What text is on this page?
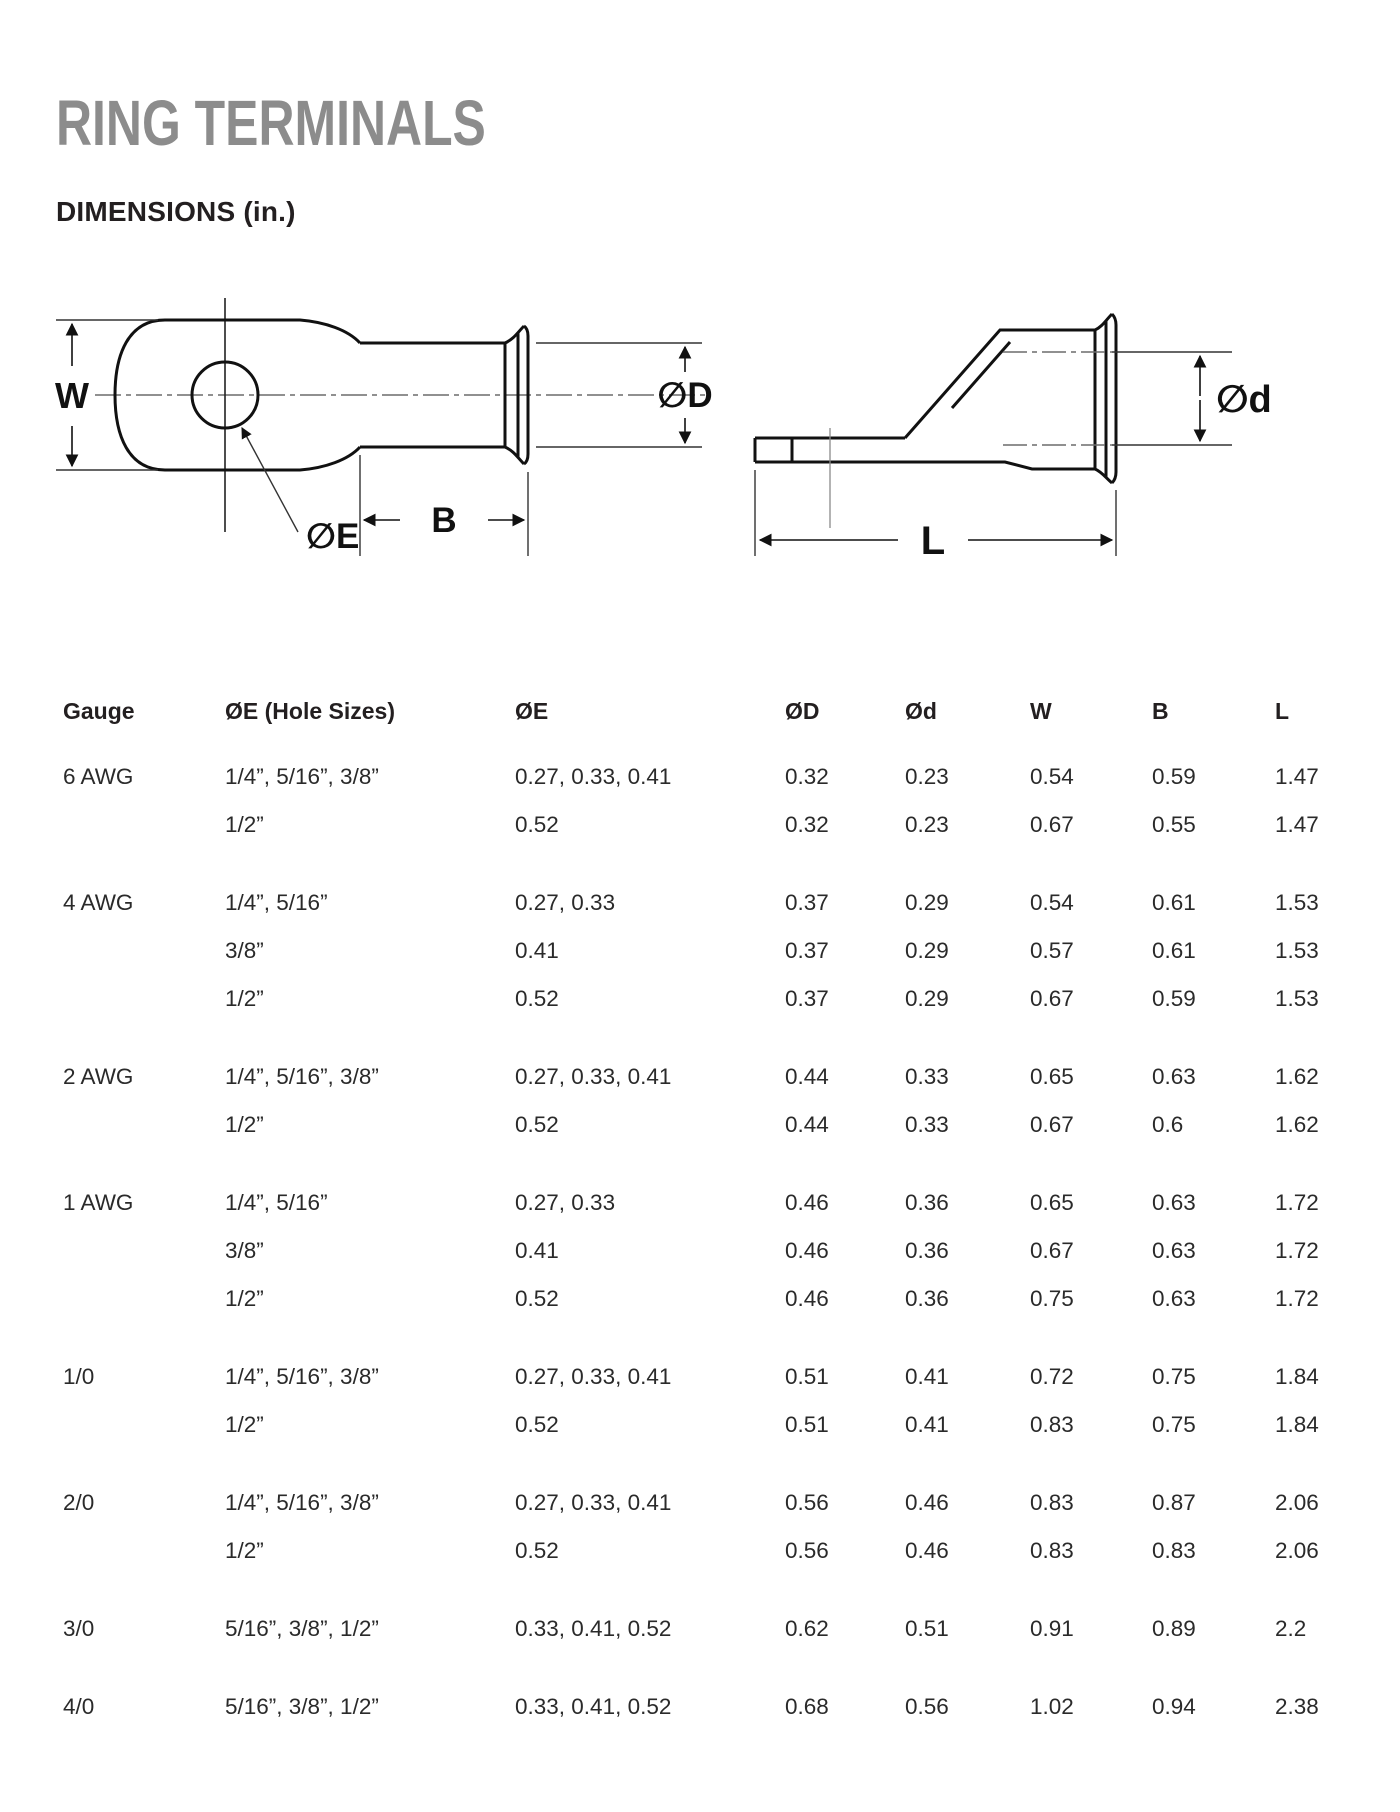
RING TERMINALS
DIMENSIONS (in.)
W	∅D
B
∅E
∅d
L
Gauge	ØE (Hole Sizes)	ØE	ØD	Ød	W	B	L
6 AWG	1/4”, 5/16”, 3/8”	0.27, 0.33, 0.41	0.32	0.23	0.54	0.59	1.47
1/2”	0.52	0.32	0.23	0.67	0.55	1.47
4 AWG	1/4”, 5/16”	0.27, 0.33	0.37	0.29	0.54	0.61	1.53
3/8”	0.41	0.37	0.29	0.57	0.61	1.53
1/2”	0.52	0.37	0.29	0.67	0.59	1.53
2 AWG	1/4”, 5/16”, 3/8”	0.27, 0.33, 0.41	0.44	0.33	0.65	0.63	1.62
1/2”	0.52	0.44	0.33	0.67	0.6	1.62
1 AWG	1/4”, 5/16”	0.27, 0.33	0.46	0.36	0.65	0.63	1.72
3/8”	0.41	0.46	0.36	0.67	0.63	1.72
1/2”	0.52	0.46	0.36	0.75	0.63	1.72
1/0	1/4”, 5/16”, 3/8”	0.27, 0.33, 0.41	0.51	0.41	0.72	0.75	1.84
1/2”	0.52	0.51	0.41	0.83	0.75	1.84
2/0	1/4”, 5/16”, 3/8”	0.27, 0.33, 0.41	0.56	0.46	0.83	0.87	2.06
1/2”	0.52	0.56	0.46	0.83	0.83	2.06
3/0	5/16”, 3/8”, 1/2”	0.33, 0.41, 0.52	0.62	0.51	0.91	0.89	2.2
4/0	5/16”, 3/8”, 1/2”	0.33, 0.41, 0.52	0.68	0.56	1.02	0.94	2.38
